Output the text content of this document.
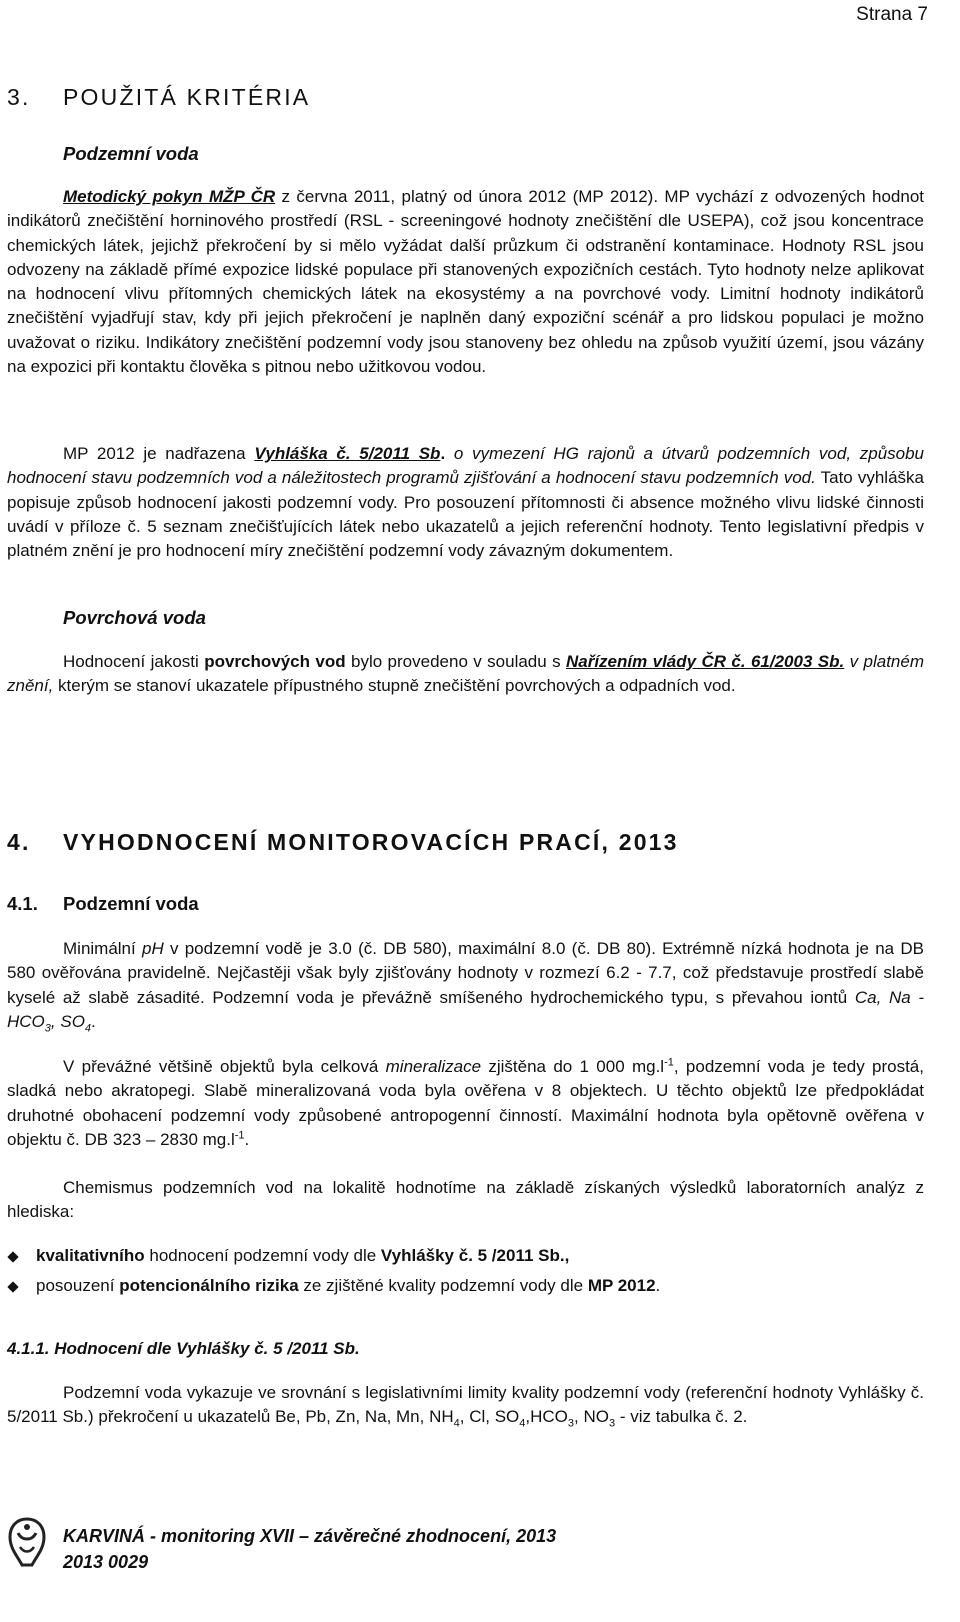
Strana 7
3. POUŽITÁ KRITÉRIA
Podzemní voda

Metodický pokyn MŽP ČR z června 2011, platný od února 2012 (MP 2012). MP vychází z odvozených hodnot indikátorů znečištění horninového prostředí (RSL - screeningové hodnoty znečištění dle USEPA), což jsou koncentrace chemických látek, jejichž překročení by si mělo vyžádat další průzkum či odstranění kontaminace. Hodnoty RSL jsou odvozeny na základě přímé expozice lidské populace při stanovených expozičních cestách. Tyto hodnoty nelze aplikovat na hodnocení vlivu přítomných chemických látek na ekosystémy a na povrchové vody. Limitní hodnoty indikátorů znečištění vyjadřují stav, kdy při jejich překročení je naplněn daný expoziční scénář a pro lidskou populaci je možno uvažovat o riziku. Indikátory znečištění podzemní vody jsou stanoveny bez ohledu na způsob využití území, jsou vázány na expozici při kontaktu člověka s pitnou nebo užitkovou vodou.

MP 2012 je nadřazena Vyhláška č. 5/2011 Sb. o vymezení HG rajonů a útvarů podzemních vod, způsobu hodnocení stavu podzemních vod a náležitostech programů zjišťování a hodnocení stavu podzemních vod. Tato vyhláška popisuje způsob hodnocení jakosti podzemní vody. Pro posouzení přítomnosti či absence možného vlivu lidské činnosti uvádí v příloze č. 5 seznam znečišťujících látek nebo ukazatelů a jejich referenční hodnoty. Tento legislativní předpis v platném znění je pro hodnocení míry znečištění podzemní vody závazným dokumentem.

Povrchová voda

Hodnocení jakosti povrchových vod bylo provedeno v souladu s Nařízením vlády ČR č. 61/2003 Sb. v platném znění, kterým se stanoví ukazatele přípustného stupně znečištění povrchových a odpadních vod.

4. VYHODNOCENÍ MONITOROVACÍCH PRACÍ, 2013
4.1. Podzemní voda

Minimální pH v podzemní vodě je 3.0 (č. DB 580), maximální 8.0 (č. DB 80). Extrémně nízká hodnota je na DB 580 ověřována pravidelně. Nejčastěji však byly zjišťovány hodnoty v rozmezí 6.2 - 7.7, což představuje prostředí slabě kyselé až slabě zásadité. Podzemní voda je převážně smíšeného hydrochemického typu, s převahou iontů Ca, Na - $HCO_3$, $SO_4$.

V převážné většině objektů byla celková mineralizace zjištěna do 1 000 $mg.l^{-1}$, podzemní voda je tedy prostá, sladká nebo akratopegi. Slabě mineralizovaná voda byla ověřena v 8 objektech. U těchto objektů lze předpokládat druhotné obohacení podzemní vody způsobené antropogenní činností. Maximální hodnota byla opětovně ověřena v objektu č. DB 323 – 2830 $mg.l^{-1}$.

Chemismus podzemních vod na lokalitě hodnotíme na základě získaných výsledků laboratorních analýz z hlediska:

kvalitativního hodnocení podzemní vody dle Vyhlášky č. 5 /2011 Sb.,
posouzení potencionálního rizika ze zjištěné kvality podzemní vody dle MP 2012.
4.1.1. Hodnocení dle Vyhlášky č. 5 /2011 Sb.

Podzemní voda vykazuje ve srovnání s legislativními limity kvality podzemní vody (referenční hodnoty Vyhlášky č. 5/2011 Sb.) překročení u ukazatelů Be, Pb, Zn, Na, Mn, $NH_4$, Cl, $SO_4,HCO_3$, $NO_3$ - viz tabulka č. 2.

KARVINÁ - monitoring XVII – závěrečné zhodnocení, 2013
2013 0029
